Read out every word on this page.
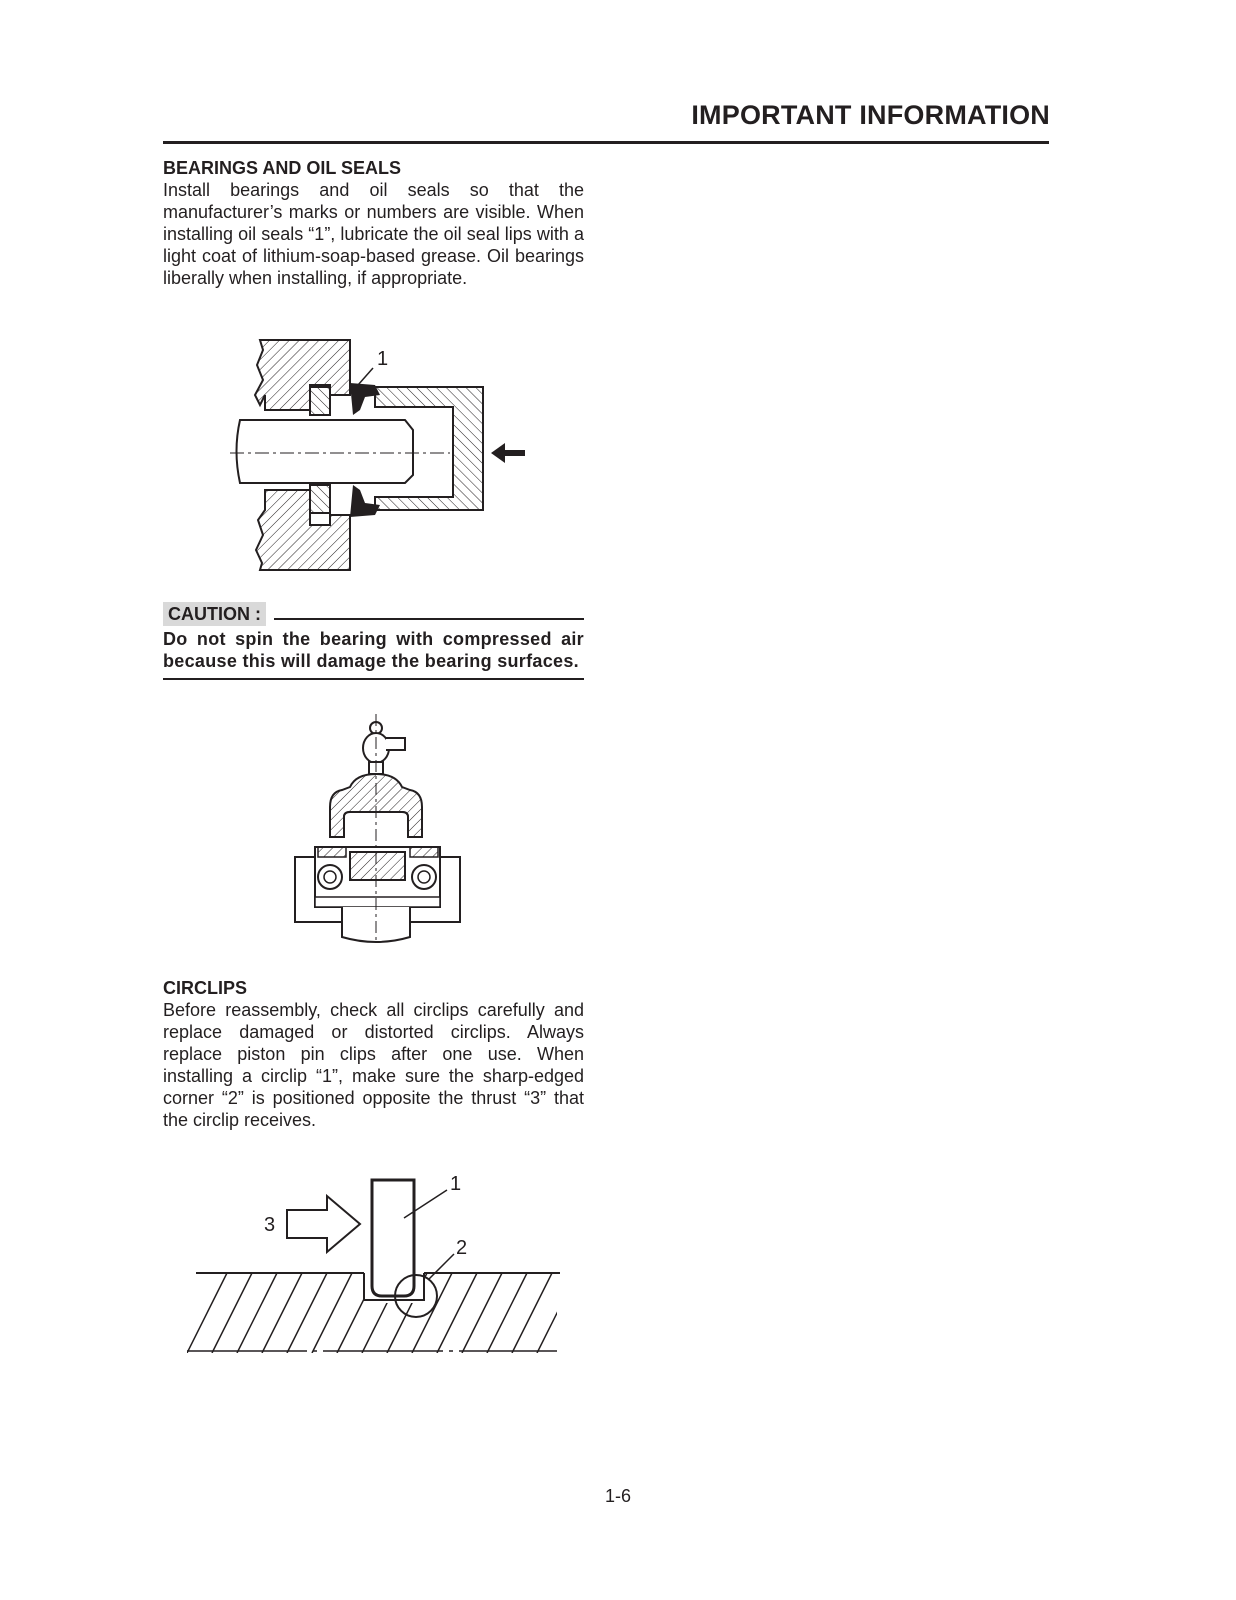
IMPORTANT INFORMATION
BEARINGS AND OIL SEALS

Install bearings and oil seals so that the manufacturer’s marks or numbers are visible. When installing oil seals “1”, lubricate the oil seal lips with a light coat of lithium-soap-based grease. Oil bearings liberally when installing, if appropriate.

1
CAUTION :

Do not spin the bearing with compressed air because this will damage the bearing surfaces.

CIRCLIPS

Before reassembly, check all circlips carefully and replace damaged or distorted circlips. Always replace piston pin clips after one use. When installing a circlip “1”, make sure the sharp-edged corner “2” is positioned opposite the thrust “3” that the circlip receives.

1
2
3

1-6
